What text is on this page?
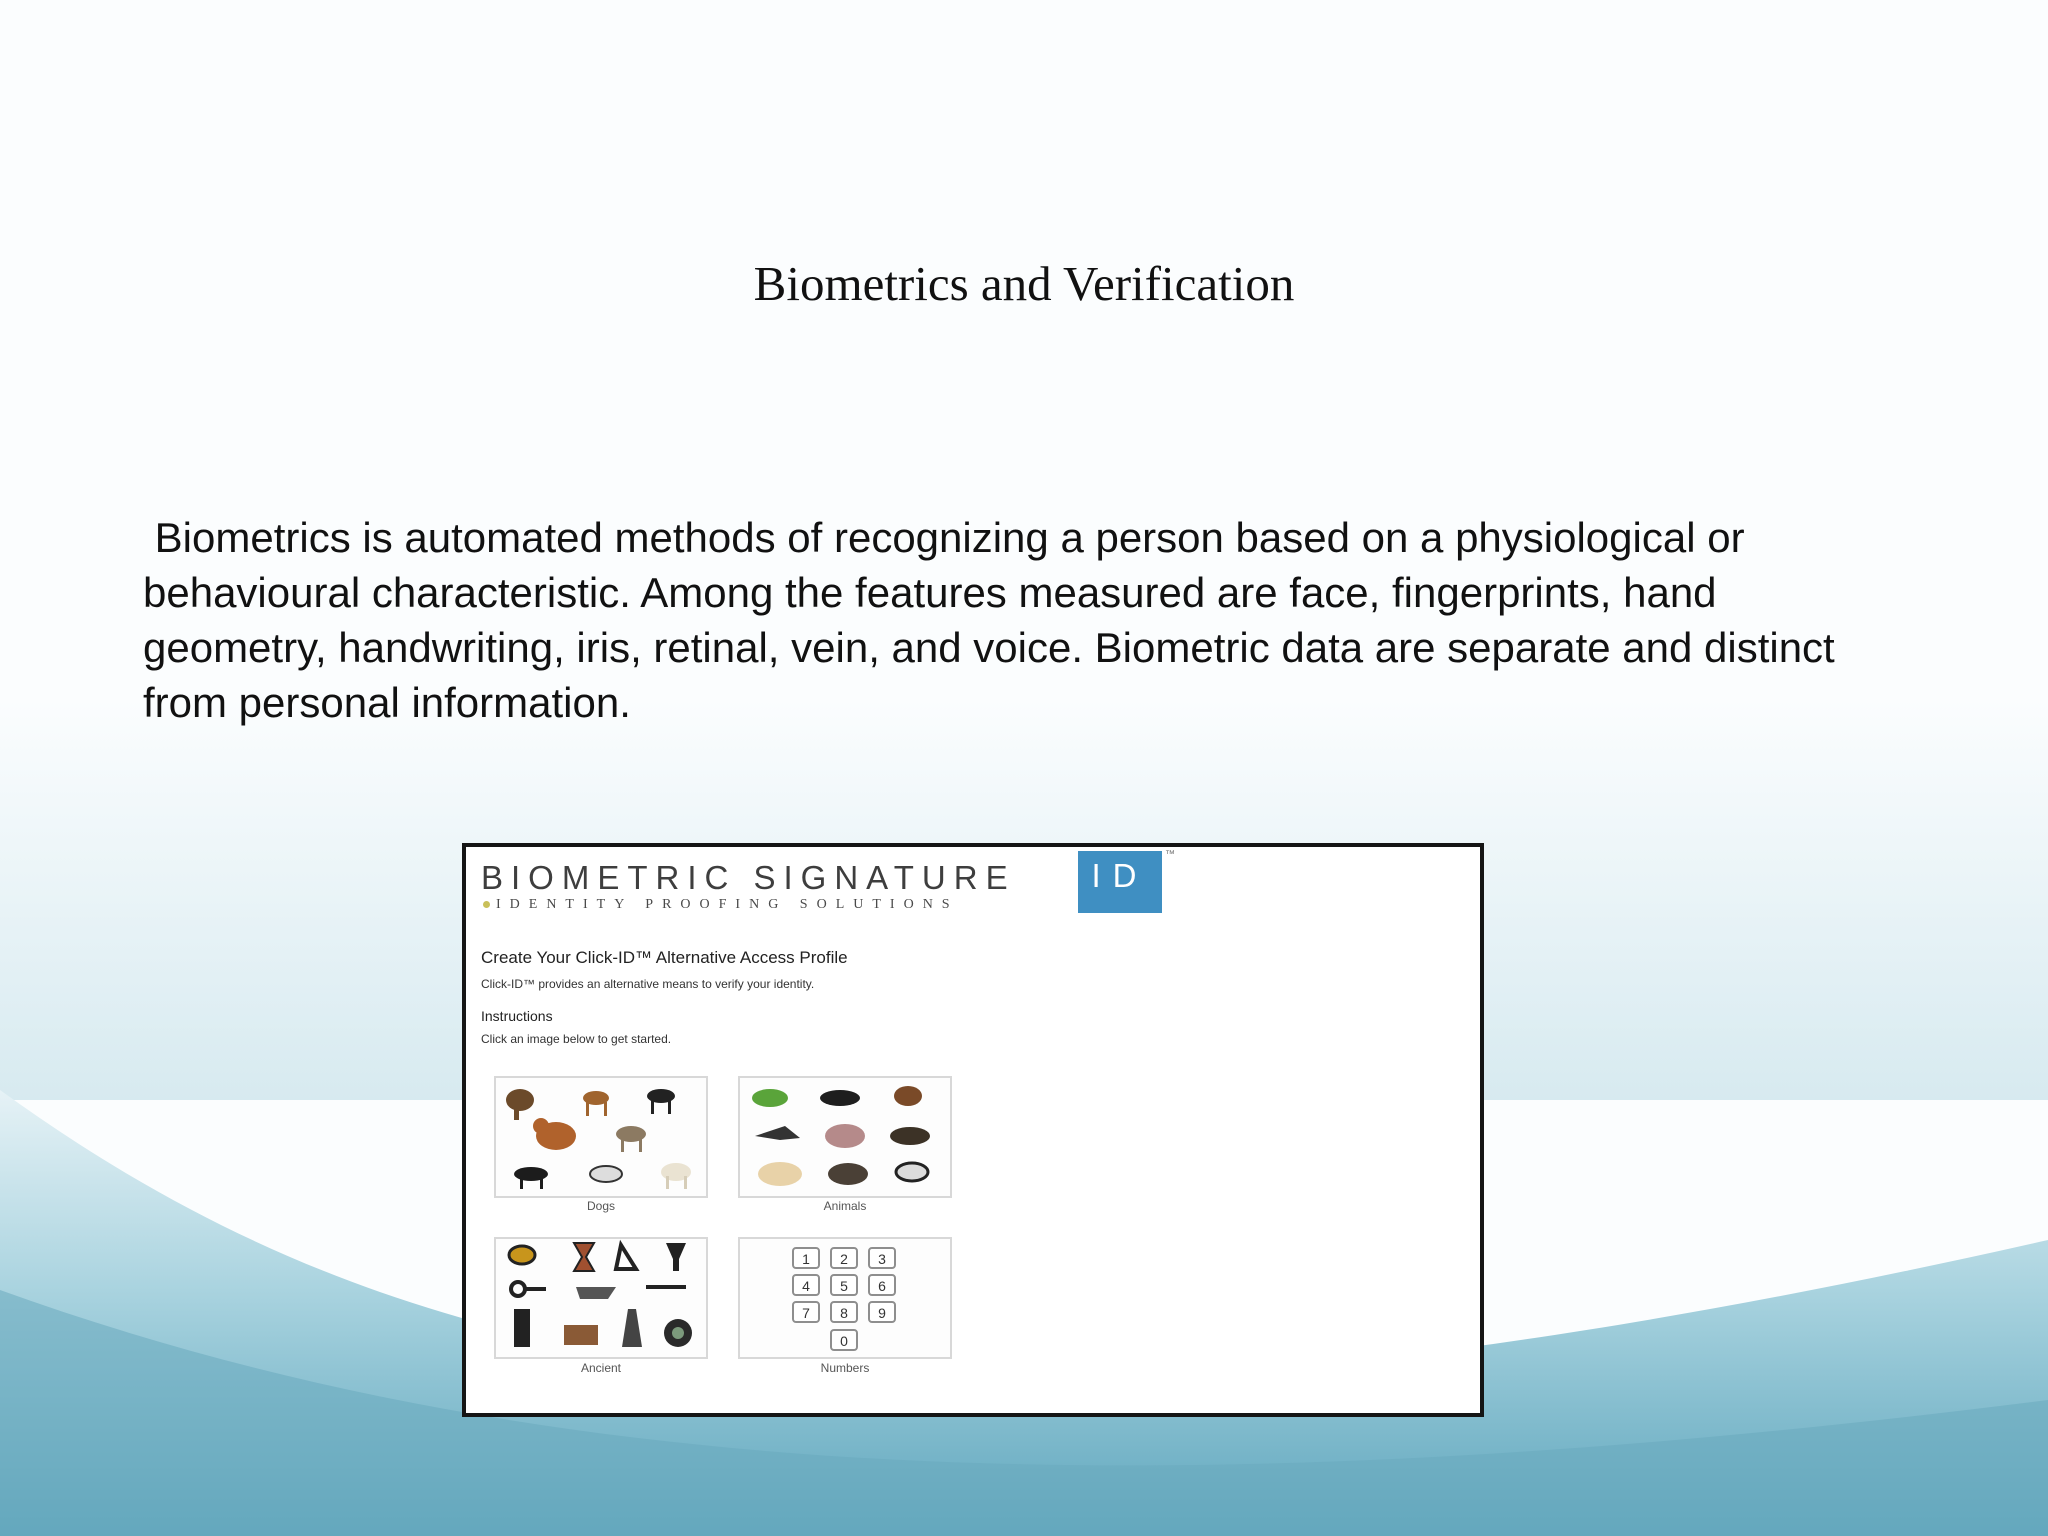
Biometrics and Verification
Biometrics is automated methods of recognizing a person based on a physiological or behavioural characteristic. Among the features measured are face, fingerprints, hand geometry, handwriting, iris, retinal, vein, and voice. Biometric data are separate and distinct from personal information.
BIOMETRIC SIGNATURE	ID
™
IDENTITY PROOFING SOLUTIONS
Create Your Click-ID™ Alternative Access Profile
Click-ID™ provides an alternative means to verify your identity.
Instructions
Click an image below to get started.
Dogs	Animals
Ancient
1	2	3
4	5	6
7	8	9
0
Numbers
